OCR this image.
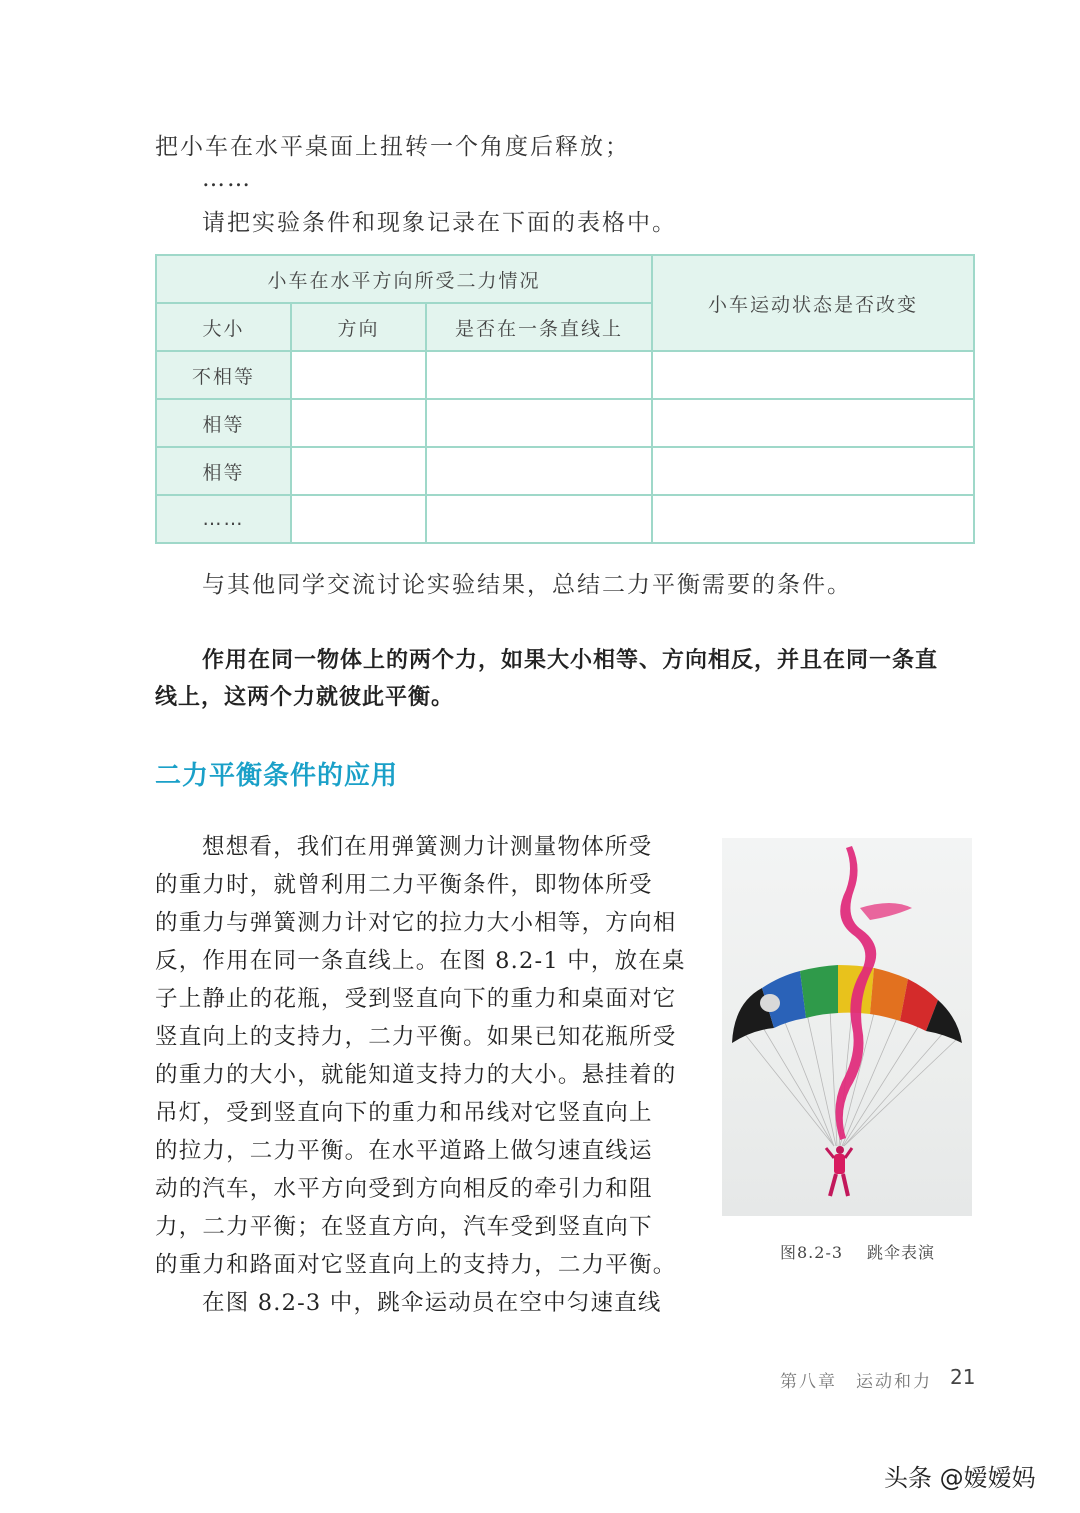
把小车在水平桌面上扭转一个角度后释放；
……
请把实验条件和现象记录在下面的表格中。
小车在水平方向所受二力情况			小车运动状态是否改变
大小	方向	是否在一条直线上	
不相等			
相等			
相等			
……			
与其他同学交流讨论实验结果，总结二力平衡需要的条件。
作用在同一物体上的两个力，如果大小相等、方向相反，并且在同一条直
线上，这两个力就彼此平衡。
二力平衡条件的应用
想想看，我们在用弹簧测力计测量物体所受
的重力时，就曾利用二力平衡条件，即物体所受
的重力与弹簧测力计对它的拉力大小相等，方向相
反，作用在同一条直线上。在图 8.2-1 中，放在桌
子上静止的花瓶，受到竖直向下的重力和桌面对它
竖直向上的支持力，二力平衡。如果已知花瓶所受
的重力的大小，就能知道支持力的大小。悬挂着的
吊灯，受到竖直向下的重力和吊线对它竖直向上
的拉力，二力平衡。在水平道路上做匀速直线运
动的汽车，水平方向受到方向相反的牵引力和阻
力，二力平衡；在竖直方向，汽车受到竖直向下
的重力和路面对它竖直向上的支持力，二力平衡。
在图 8.2-3 中，跳伞运动员在空中匀速直线
图8.2-3 跳伞表演
第八章　运动和力 21
头条 @嫒嫒妈
